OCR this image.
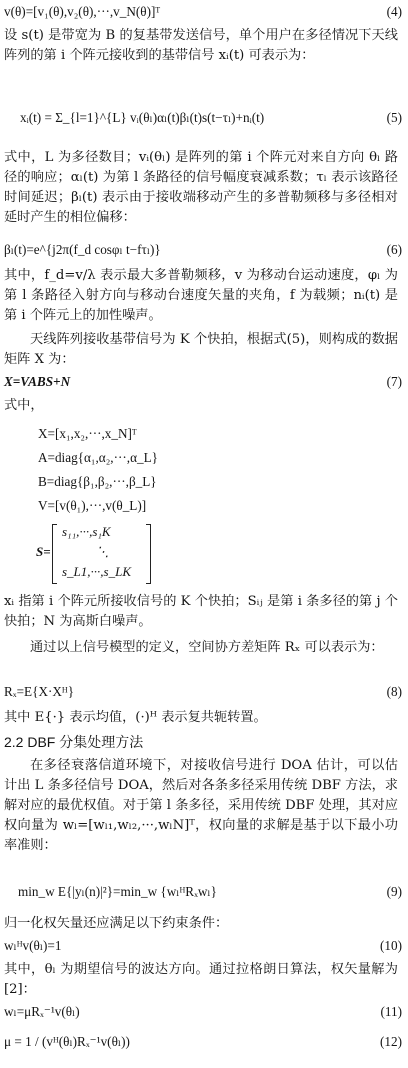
v(θ)=[v₁(θ),v₂(θ),···,v_N(θ)]ᵀ	(4)
设 s(t) 是带宽为 B 的复基带发送信号，单个用户在多径情况下天线阵列的第 i 个阵元接收到的基带信号 xᵢ(t) 可表示为：
xᵢ(t) = Σ_{l=1}^{L} vᵢ(θₗ)αₗ(t)βₗ(t)s(t−τₗ)+nᵢ(t)	(5)
式中，L 为多径数目；vᵢ(θₗ) 是阵列的第 i 个阵元对来自方向 θₗ 路径的响应；αₗ(t) 为第 l 条路径的信号幅度衰减系数；τₗ 表示该路径时间延迟；βₗ(t) 表示由于接收端移动产生的多普勒频移与多径相对延时产生的相位偏移：
βₗ(t)=e^{j2π(f_d cosφₗ t−fτₗ)}	(6)
其中，f_d=v/λ 表示最大多普勒频移，v 为移动台运动速度，φₗ 为第 l 条路径入射方向与移动台速度矢量的夹角，f 为载频；nᵢ(t) 是第 i 个阵元上的加性噪声。
天线阵列接收基带信号为 K 个快拍，根据式(5)，则构成的数据矩阵 X 为：
X=VABS+N	(7)
式中，
X=[x₁,x₂,···,x_N]ᵀ
A=diag{α₁,α₂,···,α_L}
B=diag{β₁,β₂,···,β_L}
V=[v(θ₁),···,v(θ_L)]
S=
s₁₁,···,s₁K
⋱
s_L1,···,s_LK
xᵢ 指第 i 个阵元所接收信号的 K 个快拍；Sᵢⱼ 是第 i 条多径的第 j 个快拍；N 为高斯白噪声。
通过以上信号模型的定义，空间协方差矩阵 Rₓ 可以表示为：
Rₓ=E{X·Xᴴ}	(8)
其中 E{·} 表示均值，(·)ᴴ 表示复共轭转置。
2.2 DBF 分集处理方法
在多径衰落信道环境下，对接收信号进行 DOA 估计，可以估计出 L 条多径信号 DOA，然后对各条多径采用传统 DBF 方法，求解对应的最优权值。对于第 l 条多径，采用传统 DBF 处理，其对应权向量为 wₗ=[wₗ₁,wₗ₂,···,wₗN]ᵀ，权向量的求解是基于以下最小功率准则：
min_w E{|yₗ(n)|²}=min_w {wₗᴴRₓwₗ}	(9)
归一化权矢量还应满足以下约束条件：
wₗᴴv(θₗ)=1	(10)
其中，θₗ 为期望信号的波达方向。通过拉格朗日算法，权矢量解为[2]：
wₗ=μRₓ⁻¹v(θₗ)	(11)
μ = 1 / (vᴴ(θₗ)Rₓ⁻¹v(θₗ))	(12)
